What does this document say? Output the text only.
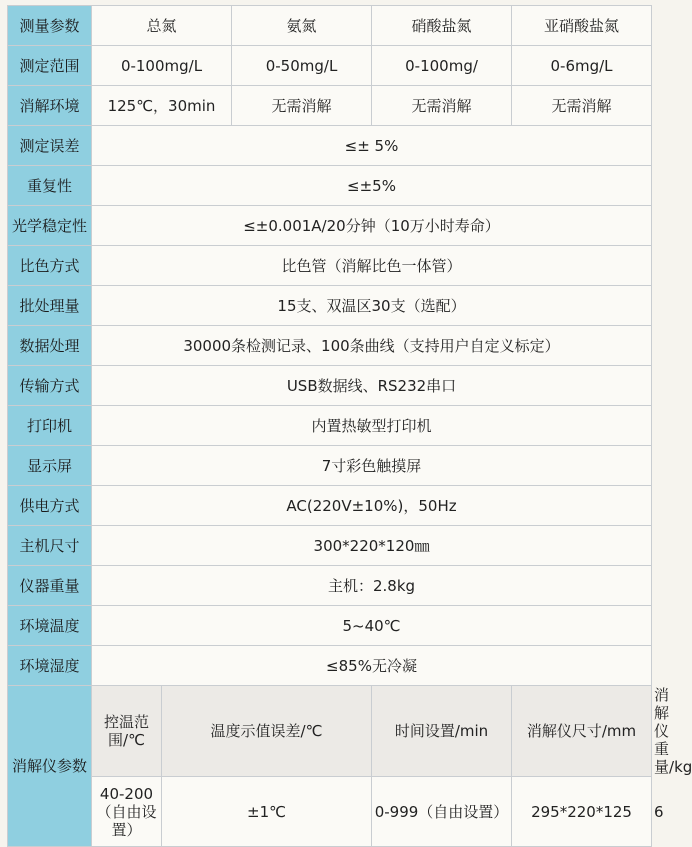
测量参数	总氮		氨氮	硝酸盐氮	亚硝酸盐氮	
测定范围	0-100mg/L		0-50mg/L	0-100mg/	0-6mg/L	
消解环境	125℃，30min		无需消解	无需消解	无需消解	
测定误差	≤± 5%					
重复性	≤±5%					
光学稳定性	≤±0.001A/20分钟（10万小时寿命）					
比色方式	比色管（消解比色一体管）					
批处理量	15支、双温区30支（选配）					
数据处理	30000条检测记录、100条曲线（支持用户自定义标定）					
传输方式	USB数据线、RS232串口					
打印机	内置热敏型打印机					
显示屏	7寸彩色触摸屏					
供电方式	AC(220V±10%)，50Hz					
主机尺寸	300*220*120㎜					
仪器重量	主机：2.8kg					
环境温度	5~40℃					
环境湿度	≤85%无冷凝					
消解仪参数	控温范围/℃	温度示值误差/℃		时间设置/min	消解仪尺寸/mm	消解仪重量/kg
	40-200（自由设置）	±1℃		0-999（自由设置）	295*220*125	6
